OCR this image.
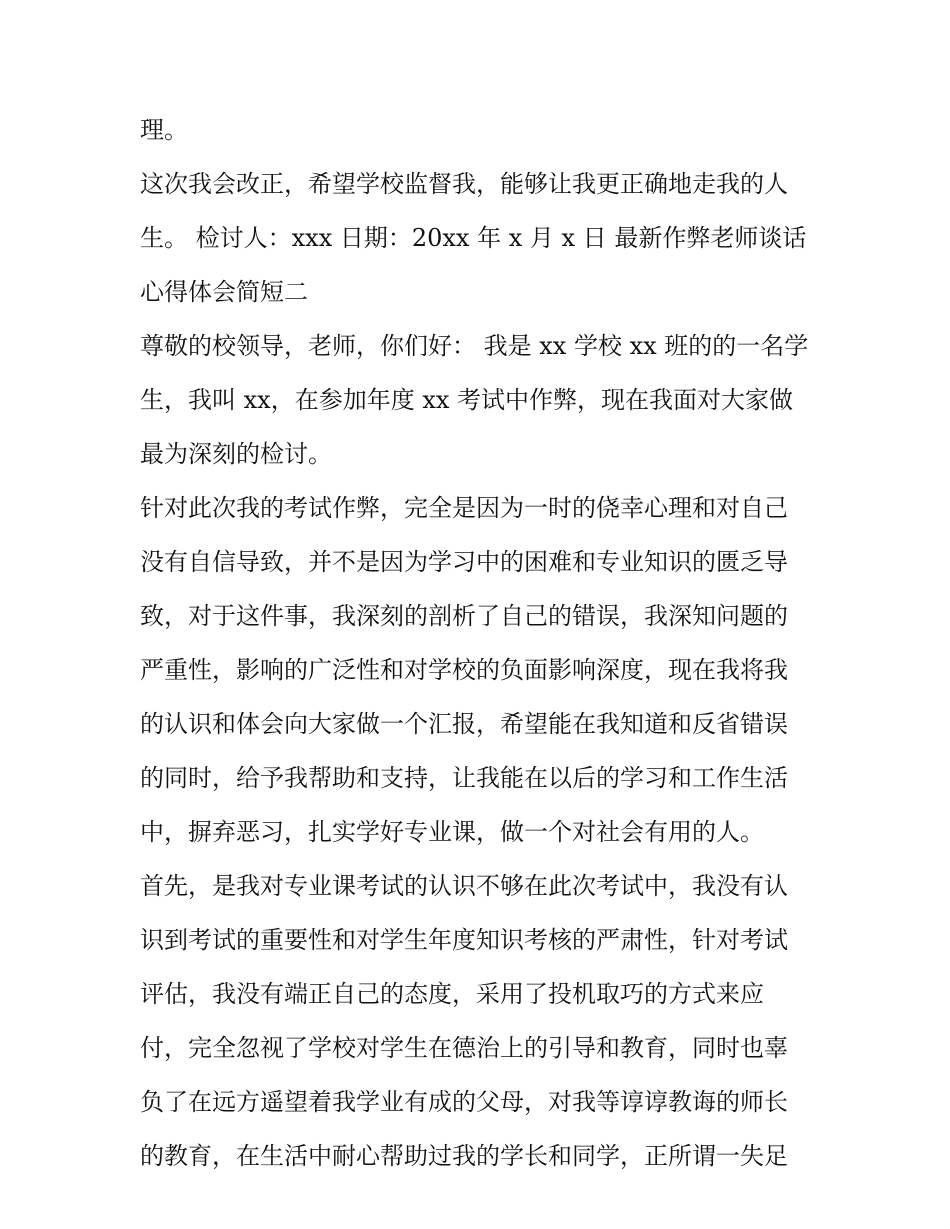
理。
这次我会改正，希望学校监督我，能够让我更正确地走我的人
生。 检讨人：xxx 日期：20xx 年 x 月 x 日 最新作弊老师谈话
心得体会简短二
尊敬的校领导，老师，你们好： 我是 xx 学校 xx 班的的一名学
生，我叫 xx，在参加年度 xx 考试中作弊，现在我面对大家做
最为深刻的检讨。
针对此次我的考试作弊，完全是因为一时的侥幸心理和对自己
没有自信导致，并不是因为学习中的困难和专业知识的匮乏导
致，对于这件事，我深刻的剖析了自己的错误，我深知问题的
严重性，影响的广泛性和对学校的负面影响深度，现在我将我
的认识和体会向大家做一个汇报，希望能在我知道和反省错误
的同时，给予我帮助和支持，让我能在以后的学习和工作生活
中，摒弃恶习，扎实学好专业课，做一个对社会有用的人。
首先，是我对专业课考试的认识不够在此次考试中，我没有认
识到考试的重要性和对学生年度知识考核的严肃性，针对考试
评估，我没有端正自己的态度，采用了投机取巧的方式来应
付，完全忽视了学校对学生在德治上的引导和教育，同时也辜
负了在远方遥望着我学业有成的父母，对我等谆谆教诲的师长
的教育，在生活中耐心帮助过我的学长和同学，正所谓一失足
